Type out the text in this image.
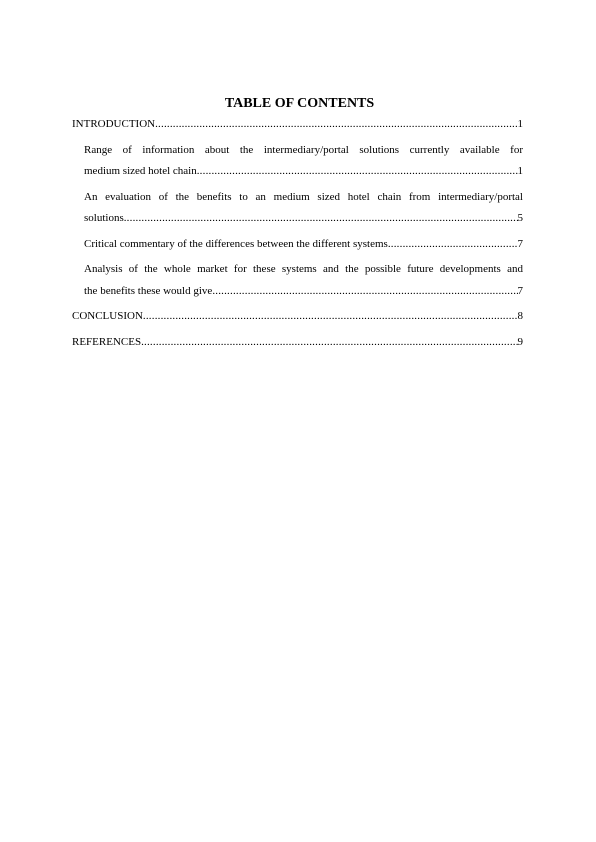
TABLE OF CONTENTS
INTRODUCTION .....	1
Range of information about the intermediary/portal solutions currently available for
medium sized hotel chain .....	1
An evaluation of the benefits to an medium sized hotel chain from intermediary/portal
solutions .....	5
Critical commentary of the differences between the different systems .....	7
Analysis of the whole market for these systems and the possible future developments and
the benefits these would give .....	7
CONCLUSION .....	8
REFERENCES .....	9
